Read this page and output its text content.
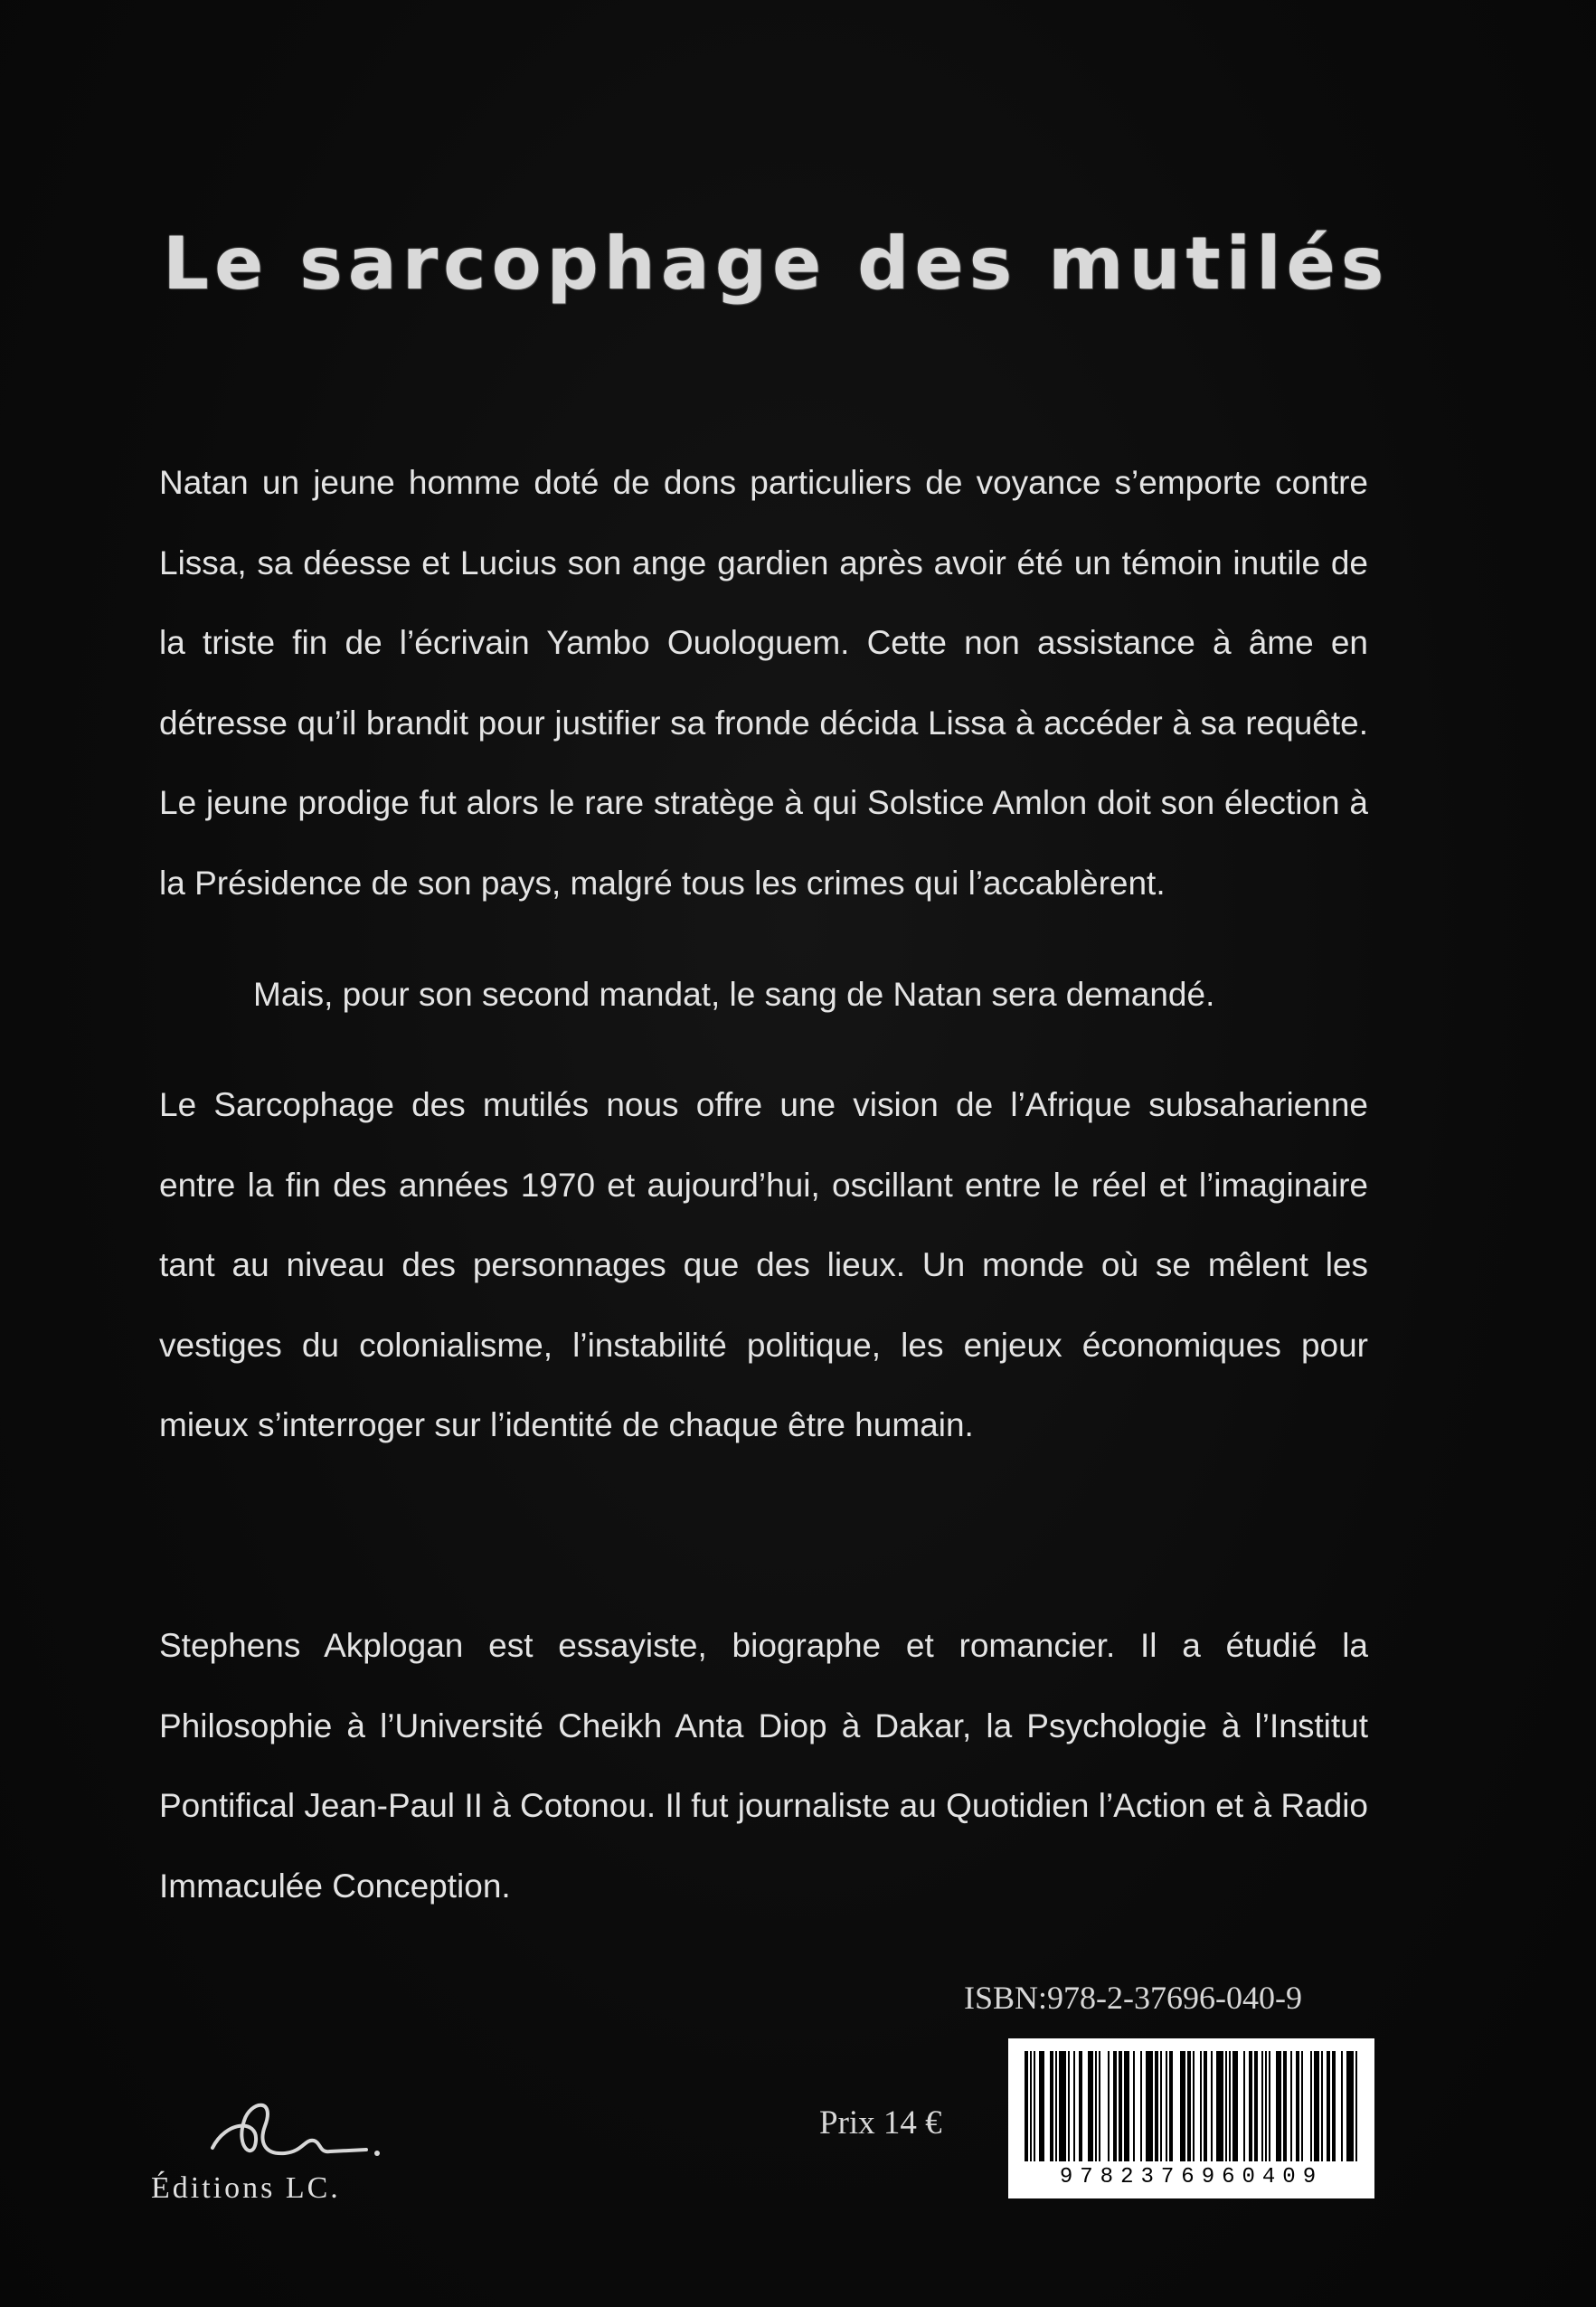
Le sarcophage des mutilés

Natan un jeune homme doté de dons particuliers de voyance s’emporte contre Lissa, sa déesse et Lucius son ange gardien après avoir été un témoin inutile de la triste fin de l’écrivain Yambo Ouologuem. Cette non assistance à âme en détresse qu’il brandit pour justifier sa fronde décida Lissa à accéder à sa requête. Le jeune prodige fut alors le rare stratège à qui Solstice Amlon doit son élection à la Présidence de son pays, malgré tous les crimes qui l’accablèrent.

Mais, pour son second mandat, le sang de Natan sera demandé.

Le Sarcophage des mutilés nous offre une vision de l’Afrique subsaharienne entre la fin des années 1970 et aujourd’hui, oscillant entre le réel et l’imaginaire tant au niveau des personnages que des lieux. Un monde où se mêlent les vestiges du colonialisme, l’instabilité politique, les enjeux économiques pour mieux s’interroger sur l’identité de chaque être humain.

Stephens Akplogan est essayiste, biographe et romancier. Il a étudié la Philosophie à l’Université Cheikh Anta Diop à Dakar, la Psychologie à l’Institut Pontifical Jean-Paul II à Cotonou. Il fut journaliste au Quotidien l’Action et à Radio Immaculée Conception.

ISBN:978-2-37696-040-9
Prix 14 €
9782376960409
Éditions LC.
